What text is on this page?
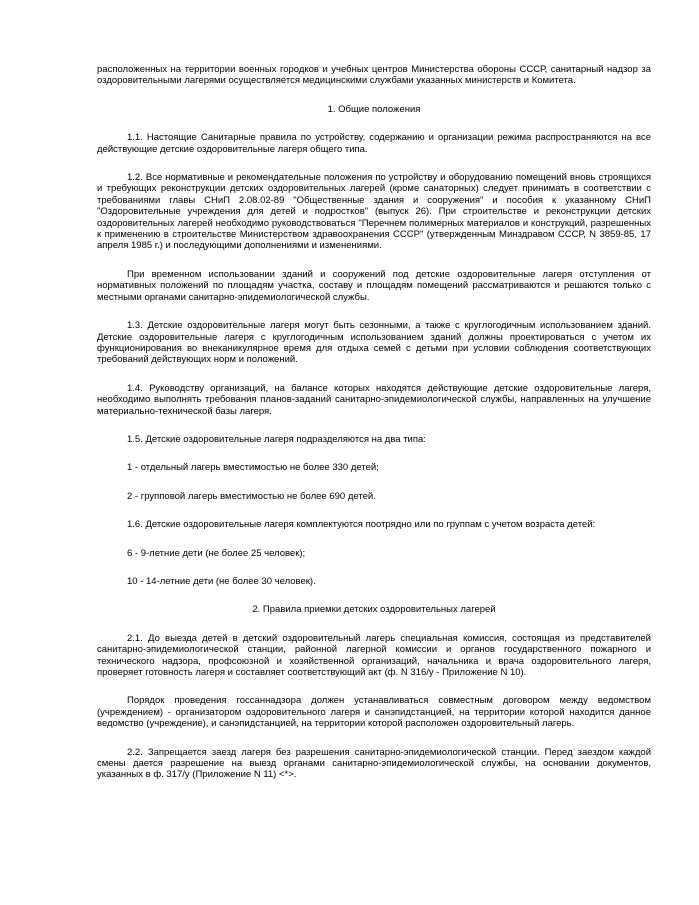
расположенных на территории военных городков и учебных центров Министерства обороны СССР, санитарный надзор за оздоровительными лагерями осуществляется медицинскими службами указанных министерств и Комитета.

1. Общие положения

1.1. Настоящие Санитарные правила по устройству, содержанию и организации режима распространяются на все действующие детские оздоровительные лагеря общего типа.

1.2. Все нормативные и рекомендательные положения по устройству и оборудованию помещений вновь строящихся и требующих реконструкции детских оздоровительных лагерей (кроме санаторных) следует принимать в соответствии с требованиями главы СНиП 2.08.02-89 "Общественные здания и сооружения" и пособия к указанному СНиП "Оздоровительные учреждения для детей и подростков" (выпуск 26). При строительстве и реконструкции детских оздоровительных лагерей необходимо руководствоваться "Перечнем полимерных материалов и конструкций, разрешенных к применению в строительстве Министерством здравоохранения СССР" (утвержденным Минздравом СССР, N 3859-85, 17 апреля 1985 г.) и последующими дополнениями и изменениями.

При временном использовании зданий и сооружений под детские оздоровительные лагеря отступления от нормативных положений по площадям участка, составу и площадям помещений рассматриваются и решаются только с местными органами санитарно-эпидемиологической службы.

1.3. Детские оздоровительные лагеря могут быть сезонными, а также с круглогодичным использованием зданий. Детские оздоровительные лагеря с круглогодичным использованием зданий должны проектироваться с учетом их функционирования во внеканикулярное время для отдыха семей с детьми при условии соблюдения соответствующих требований действующих норм и положений.

1.4. Руководству организаций, на балансе которых находятся действующие детские оздоровительные лагеря, необходимо выполнять требования планов-заданий санитарно-эпидемиологической службы, направленных на улучшение материально-технической базы лагеря.

1.5. Детские оздоровительные лагеря подразделяются на два типа:

1 - отдельный лагерь вместимостью не более 330 детей;

2 - групповой лагерь вместимостью не более 690 детей.

1.6. Детские оздоровительные лагеря комплектуются поотрядно или по группам с учетом возраста детей:

6 - 9-летние дети (не более 25 человек);

10 - 14-летние дети (не более 30 человек).

2. Правила приемки детских оздоровительных лагерей

2.1. До выезда детей в детский оздоровительный лагерь специальная комиссия, состоящая из представителей санитарно-эпидемиологической станции, районной лагерной комиссии и органов государственного пожарного и технического надзора, профсоюзной и хозяйственной организаций, начальника и врача оздоровительного лагеря, проверяет готовность лагеря и составляет соответствующий акт (ф. N 316/у - Приложение N 10).

Порядок проведения госсаннадзора должен устанавливаться совместным договором между ведомством (учреждением) - организатором оздоровительного лагеря и санэпидстанцией, на территории которой находится данное ведомство (учреждение), и санэпидстанцией, на территории которой расположен оздоровительный лагерь.

2.2. Запрещается заезд лагеря без разрешения санитарно-эпидемиологической станции. Перед заездом каждой смены дается разрешение на выезд органами санитарно-эпидемиологической службы, на основании документов, указанных в ф. 317/у (Приложение N 11) <*>.
